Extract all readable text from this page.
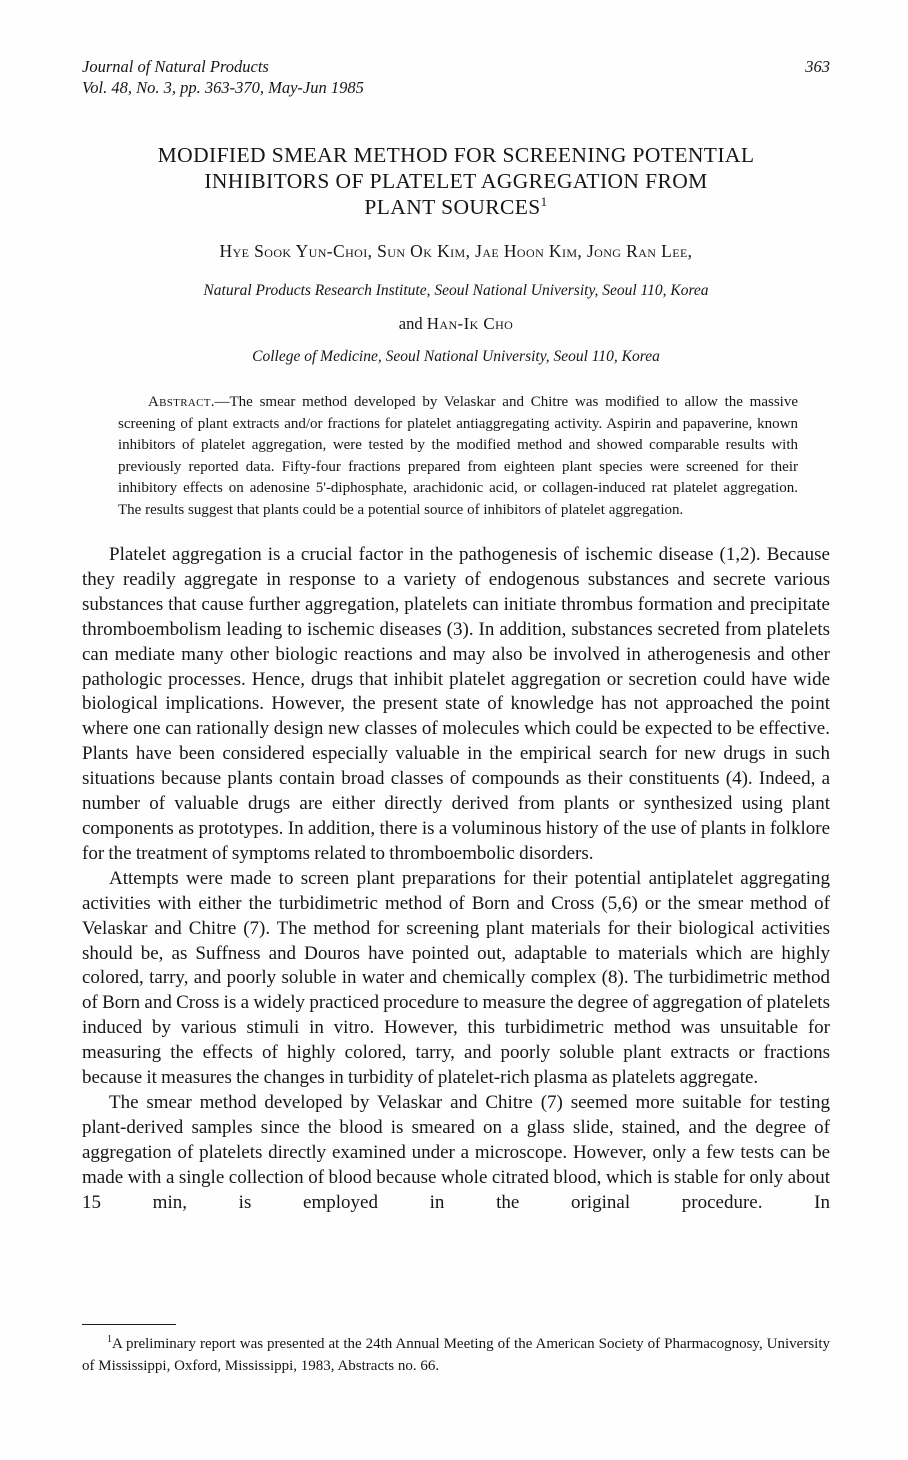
Journal of Natural Products
Vol. 48, No. 3, pp. 363-370, May-Jun 1985
363
MODIFIED SMEAR METHOD FOR SCREENING POTENTIAL
INHIBITORS OF PLATELET AGGREGATION FROM
PLANT SOURCES$^1$
Hye Sook Yun-Choi, Sun Ok Kim, Jae Hoon Kim, Jong Ran Lee,
Natural Products Research Institute, Seoul National University, Seoul 110, Korea
and Han-Ik Cho
College of Medicine, Seoul National University, Seoul 110, Korea
Abstract.—The smear method developed by Velaskar and Chitre was modified to allow the massive screening of plant extracts and/or fractions for platelet antiaggregating activity. Aspirin and papaverine, known inhibitors of platelet aggregation, were tested by the modified method and showed comparable results with previously reported data. Fifty-four fractions prepared from eighteen plant species were screened for their inhibitory effects on adenosine 5'-diphosphate, arachidonic acid, or collagen-induced rat platelet aggregation. The results suggest that plants could be a potential source of inhibitors of platelet aggregation.

Platelet aggregation is a crucial factor in the pathogenesis of ischemic disease (1,2). Because they readily aggregate in response to a variety of endogenous substances and secrete various substances that cause further aggregation, platelets can initiate thrombus formation and precipitate thromboembolism leading to ischemic diseases (3). In addition, substances secreted from platelets can mediate many other biologic reactions and may also be involved in atherogenesis and other pathologic processes. Hence, drugs that inhibit platelet aggregation or secretion could have wide biological implications. However, the present state of knowledge has not approached the point where one can rationally design new classes of molecules which could be expected to be effective. Plants have been considered especially valuable in the empirical search for new drugs in such situations because plants contain broad classes of compounds as their constituents (4). Indeed, a number of valuable drugs are either directly derived from plants or synthesized using plant components as prototypes. In addition, there is a voluminous history of the use of plants in folklore for the treatment of symptoms related to thromboembolic disorders.

Attempts were made to screen plant preparations for their potential antiplatelet aggregating activities with either the turbidimetric method of Born and Cross (5,6) or the smear method of Velaskar and Chitre (7). The method for screening plant materials for their biological activities should be, as Suffness and Douros have pointed out, adaptable to materials which are highly colored, tarry, and poorly soluble in water and chemically complex (8). The turbidimetric method of Born and Cross is a widely practiced procedure to measure the degree of aggregation of platelets induced by various stimuli in vitro. However, this turbidimetric method was unsuitable for measuring the effects of highly colored, tarry, and poorly soluble plant extracts or fractions because it measures the changes in turbidity of platelet-rich plasma as platelets aggregate.

The smear method developed by Velaskar and Chitre (7) seemed more suitable for testing plant-derived samples since the blood is smeared on a glass slide, stained, and the degree of aggregation of platelets directly examined under a microscope. However, only a few tests can be made with a single collection of blood because whole citrated blood, which is stable for only about 15 min, is employed in the original procedure. In

$^1$A preliminary report was presented at the 24th Annual Meeting of the American Society of Pharmacognosy, University of Mississippi, Oxford, Mississippi, 1983, Abstracts no. 66.
